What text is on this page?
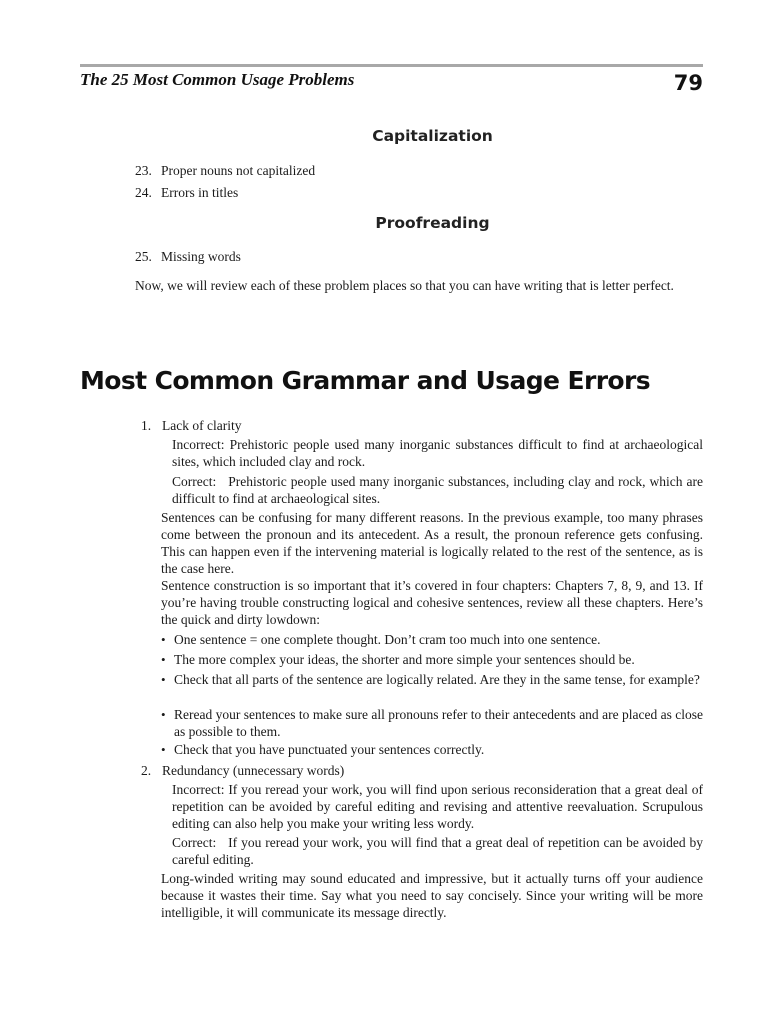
The 25 Most Common Usage Problems	79
Capitalization

23. Proper nouns not capitalized

24. Errors in titles

Proofreading

25. Missing words

Now, we will review each of these problem places so that you can have writing that is letter perfect.

Most Common Grammar and Usage Errors
1. Lack of clarity

Incorrect: Prehistoric people used many inorganic substances difficult to find at archaeological sites, which included clay and rock.

Correct: Prehistoric people used many inorganic substances, including clay and rock, which are difficult to find at archaeological sites.

Sentences can be confusing for many different reasons. In the previous example, too many phrases come between the pronoun and its antecedent. As a result, the pronoun reference gets confusing. This can happen even if the intervening material is logically related to the rest of the sentence, as is the case here.

Sentence construction is so important that it’s covered in four chapters: Chapters 7, 8, 9, and 13. If you’re having trouble constructing logical and cohesive sentences, review all these chapters. Here’s the quick and dirty lowdown:

• One sentence = one complete thought. Don’t cram too much into one sentence.

• The more complex your ideas, the shorter and more simple your sentences should be.

• Check that all parts of the sentence are logically related. Are they in the same tense, for example?

• Reread your sentences to make sure all pronouns refer to their antecedents and are placed as close as possible to them.

• Check that you have punctuated your sentences correctly.

2. Redundancy (unnecessary words)

Incorrect: If you reread your work, you will find upon serious reconsideration that a great deal of repetition can be avoided by careful editing and revising and attentive reevaluation. Scrupulous editing can also help you make your writing less wordy.

Correct: If you reread your work, you will find that a great deal of repetition can be avoided by careful editing.

Long-winded writing may sound educated and impressive, but it actually turns off your audience because it wastes their time. Say what you need to say concisely. Since your writing will be more intelligible, it will communicate its message directly.
